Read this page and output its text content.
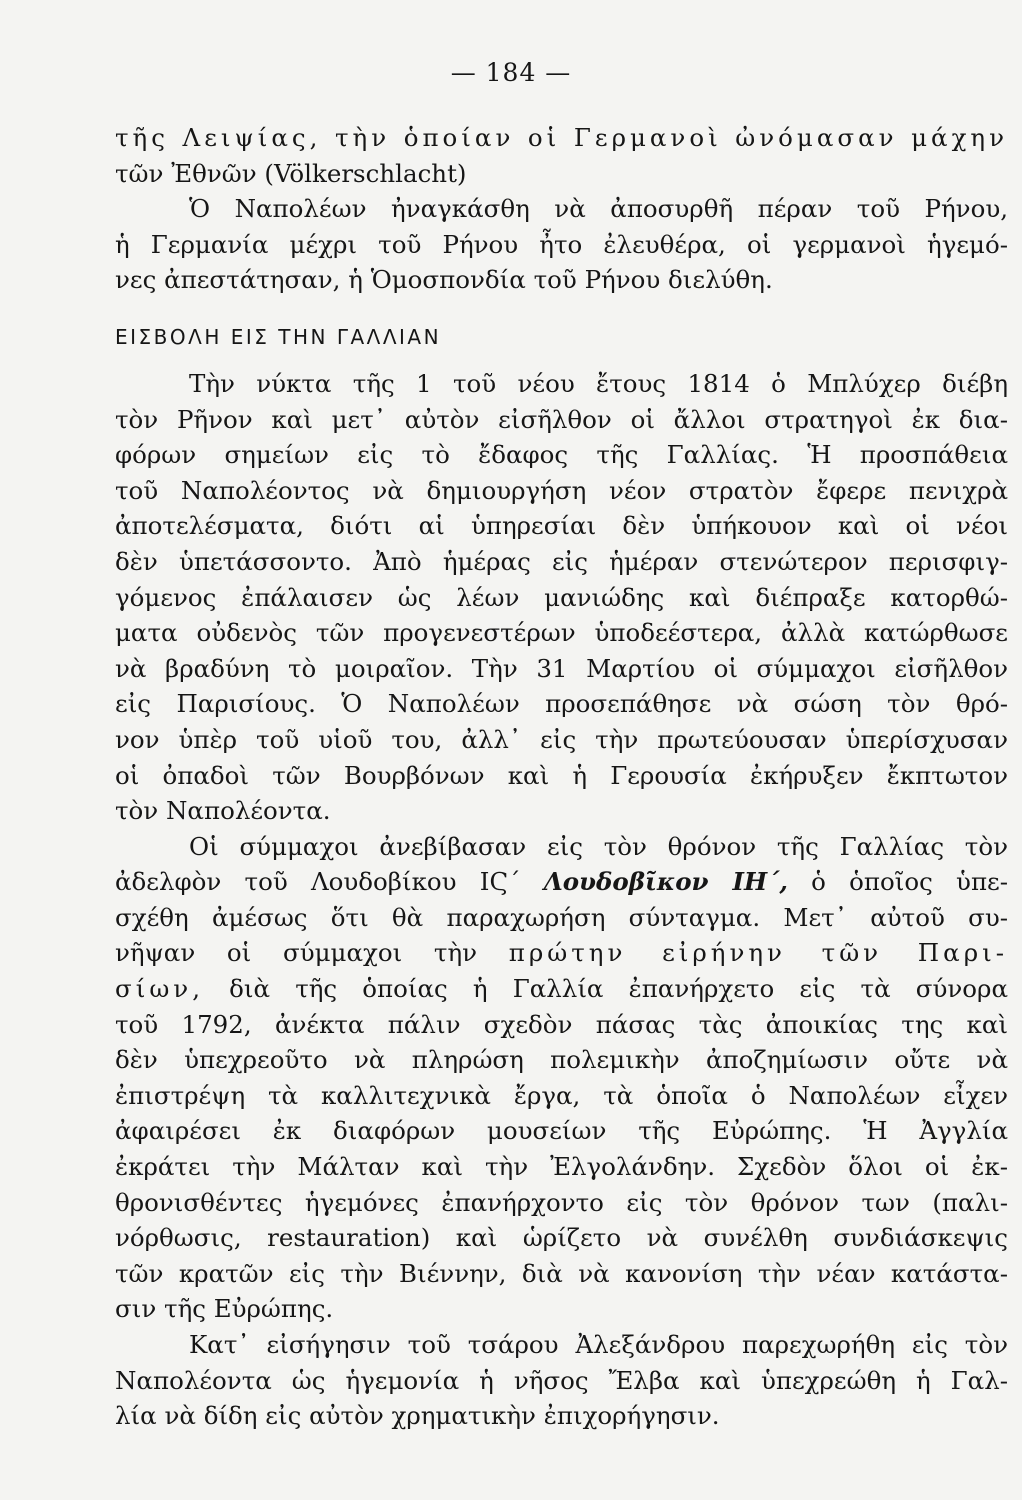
— 184 —
τῆς Λειψίας, τὴν ὁποίαν οἱ Γερμανοὶ ὠνόμασαν μάχην
τῶν Ἐθνῶν (Völkerschlacht)
Ὁ Ναπολέων ἠναγκάσθη νὰ ἀποσυρθῆ πέραν τοῦ Ρήνου,
ἡ Γερμανία μέχρι τοῦ Ρήνου ἦτο ἐλευθέρα, οἱ γερμανοὶ ἡγεμό-
νες ἀπεστάτησαν, ἡ Ὁμοσπονδία τοῦ Ρήνου διελύθη.
ΕΙΣΒΟΛΗ ΕΙΣ ΤΗΝ ΓΑΛΛΙΑΝ
Τὴν νύκτα τῆς 1 τοῦ νέου ἔτους 1814 ὁ Μπλύχερ διέβη
τὸν Ρῆνον καὶ μετ᾽ αὐτὸν εἰσῆλθον οἱ ἄλλοι στρατηγοὶ ἐκ δια-
φόρων σημείων εἰς τὸ ἔδαφος τῆς Γαλλίας. Ἡ προσπάθεια
τοῦ Ναπολέοντος νὰ δημιουργήση νέον στρατὸν ἔφερε πενιχρὰ
ἀποτελέσματα, διότι αἱ ὑπηρεσίαι δὲν ὑπήκουον καὶ οἱ νέοι
δὲν ὑπετάσσοντο. Ἀπὸ ἡμέρας εἰς ἡμέραν στενώτερον περισφιγ-
γόμενος ἐπάλαισεν ὡς λέων μανιώδης καὶ διέπραξε κατορθώ-
ματα οὐδενὸς τῶν προγενεστέρων ὑποδεέστερα, ἀλλὰ κατώρθωσε
νὰ βραδύνη τὸ μοιραῖον. Τὴν 31 Μαρτίου οἱ σύμμαχοι εἰσῆλθον
εἰς Παρισίους. Ὁ Ναπολέων προσεπάθησε νὰ σώση τὸν θρό-
νον ὑπὲρ τοῦ υἱοῦ του, ἀλλ᾽ εἰς τὴν πρωτεύουσαν ὑπερίσχυσαν
οἱ ὀπαδοὶ τῶν Βουρβόνων καὶ ἡ Γερουσία ἐκήρυξεν ἔκπτωτον
τὸν Ναπολέοντα.
Οἱ σύμμαχοι ἀνεβίβασαν εἰς τὸν θρόνον τῆς Γαλλίας τὸν
ἀδελφὸν τοῦ Λουδοβίκου ΙϚ´ Λουδοβῖκον ΙΗ´, ὁ ὁποῖος ὑπε-
σχέθη ἀμέσως ὅτι θὰ παραχωρήση σύνταγμα. Μετ᾽ αὐτοῦ συ-
νῆψαν οἱ σύμμαχοι τὴν πρώτην εἰρήνην τῶν Παρι-
σίων, διὰ τῆς ὁποίας ἡ Γαλλία ἐπανήρχετο εἰς τὰ σύνορα
τοῦ 1792, ἀνέκτα πάλιν σχεδὸν πάσας τὰς ἀποικίας της καὶ
δὲν ὑπεχρεοῦτο νὰ πληρώση πολεμικὴν ἀποζημίωσιν οὔτε νὰ
ἐπιστρέψη τὰ καλλιτεχνικὰ ἔργα, τὰ ὁποῖα ὁ Ναπολέων εἶχεν
ἀφαιρέσει ἐκ διαφόρων μουσείων τῆς Εὐρώπης. Ἡ Ἀγγλία
ἐκράτει τὴν Μάλταν καὶ τὴν Ἐλγολάνδην. Σχεδὸν ὅλοι οἱ ἐκ-
θρονισθέντες ἡγεμόνες ἐπανήρχοντο εἰς τὸν θρόνον των (παλι-
νόρθωσις, restauration) καὶ ὡρίζετο νὰ συνέλθη συνδιάσκεψις
τῶν κρατῶν εἰς τὴν Βιέννην, διὰ νὰ κανονίση τὴν νέαν κατάστα-
σιν τῆς Εὐρώπης.
Κατ᾽ εἰσήγησιν τοῦ τσάρου Ἀλεξάνδρου παρεχωρήθη εἰς τὸν
Ναπολέοντα ὡς ἡγεμονία ἡ νῆσος Ἔλβα καὶ ὑπεχρεώθη ἡ Γαλ-
λία νὰ δίδη εἰς αὐτὸν χρηματικὴν ἐπιχορήγησιν.
